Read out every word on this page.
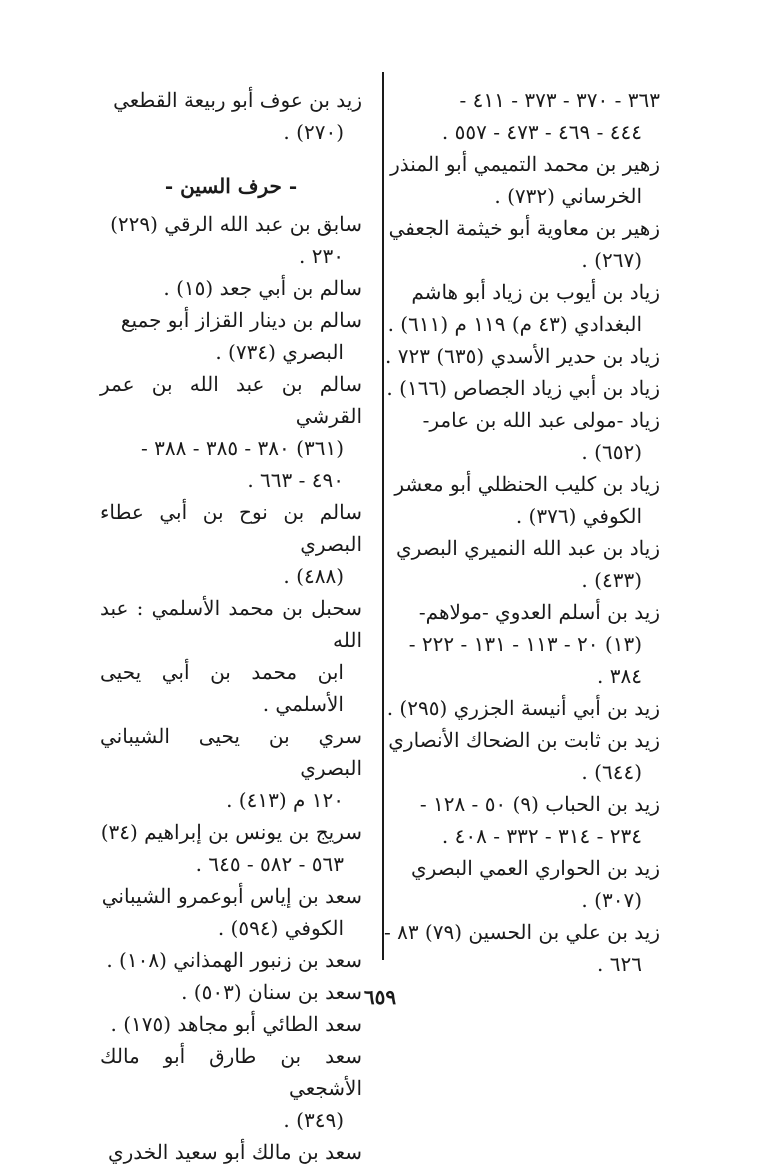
٣٦٣ - ٣٧٠ - ٣٧٣ - ٤١١ -
٤٤٤ - ٤٦٩ - ٤٧٣ - ٥٥٧ .
زهير بن محمد التميمي أبو المنذر
الخرساني (٧٣٢) .
زهير بن معاوية أبو خيثمة الجعفي
(٢٦٧) .
زياد بن أيوب بن زياد أبو هاشم
البغدادي (٤٣ م) ١١٩ م (٦١١) .
زياد بن حدير الأسدي (٦٣٥) ٧٢٣ .
زياد بن أبي زياد الجصاص (١٦٦) .
زياد -مولى عبد الله بن عامر-
(٦٥٢) .
زياد بن كليب الحنظلي أبو معشر
الكوفي (٣٧٦) .
زياد بن عبد الله النميري البصري
(٤٣٣) .
زيد بن أسلم العدوي -مولاهم-
(١٣) ٢٠ - ١١٣ - ١٣١ - ٢٢٢ -
٣٨٤ .
زيد بن أبي أنيسة الجزري (٢٩٥) .
زيد بن ثابت بن الضحاك الأنصاري
(٦٤٤) .
زيد بن الحباب (٩) ٥٠ - ١٢٨ -
٢٣٤ - ٣١٤ - ٣٣٢ - ٤٠٨ .
زيد بن الحواري العمي البصري
(٣٠٧) .
زيد بن علي بن الحسين (٧٩) ٨٣ -
٦٢٦ .
زيد بن عوف أبو ربيعة القطعي
(٢٧٠) .
- حرف السين -
سابق بن عبد الله الرقي (٢٢٩)
٢٣٠ .
سالم بن أبي جعد (١٥) .
سالم بن دينار القزاز أبو جميع
البصري (٧٣٤) .
سالم بن عبد الله بن عمر القرشي
(٣٦١) ٣٨٠ - ٣٨٥ - ٣٨٨ -
٤٩٠ - ٦٦٣ .
سالم بن نوح بن أبي عطاء البصري
(٤٨٨) .
سحبل بن محمد الأسلمي : عبد الله
ابن محمد بن أبي يحيى الأسلمي .
سري بن يحيى الشيباني البصري
١٢٠ م (٤١٣) .
سريج بن يونس بن إبراهيم (٣٤)
٥٦٣ - ٥٨٢ - ٦٤٥ .
سعد بن إياس أبوعمرو الشيباني
الكوفي (٥٩٤) .
سعد بن زنبور الهمذاني (١٠٨) .
سعد بن سنان (٥٠٣) .
سعد الطائي أبو مجاهد (١٧٥) .
سعد بن طارق أبو مالك الأشجعي
(٣٤٩) .
سعد بن مالك أبو سعيد الخدري
٦٥٩
